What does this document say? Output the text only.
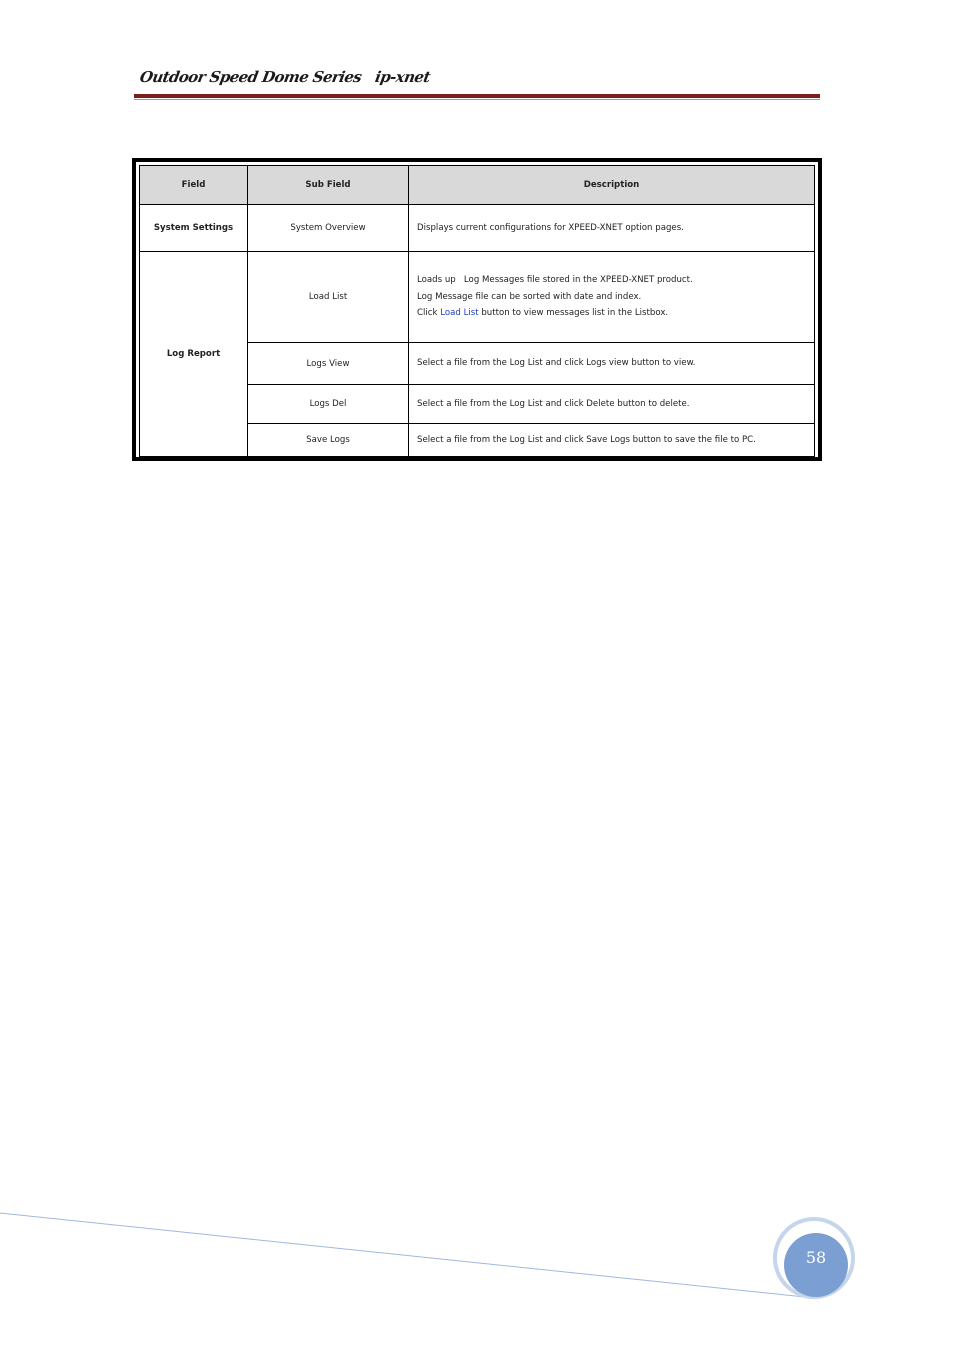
Outdoor Speed Dome Series ip-xnet
Field	Sub Field	Description
System Settings	System Overview	Displays current configurations for XPEED-XNET option pages.
Log Report	Load List	Loads up   Log Messages file stored in the XPEED-XNET product.
Log Message file can be sorted with date and index.
Click Load List button to view messages list in the Listbox.

	Logs View	Select a file from the Log List and click Logs view button to view.
	Logs Del	Select a file from the Log List and click Delete button to delete.
	Save Logs	Select a file from the Log List and click Save Logs button to save the file to PC.
58
